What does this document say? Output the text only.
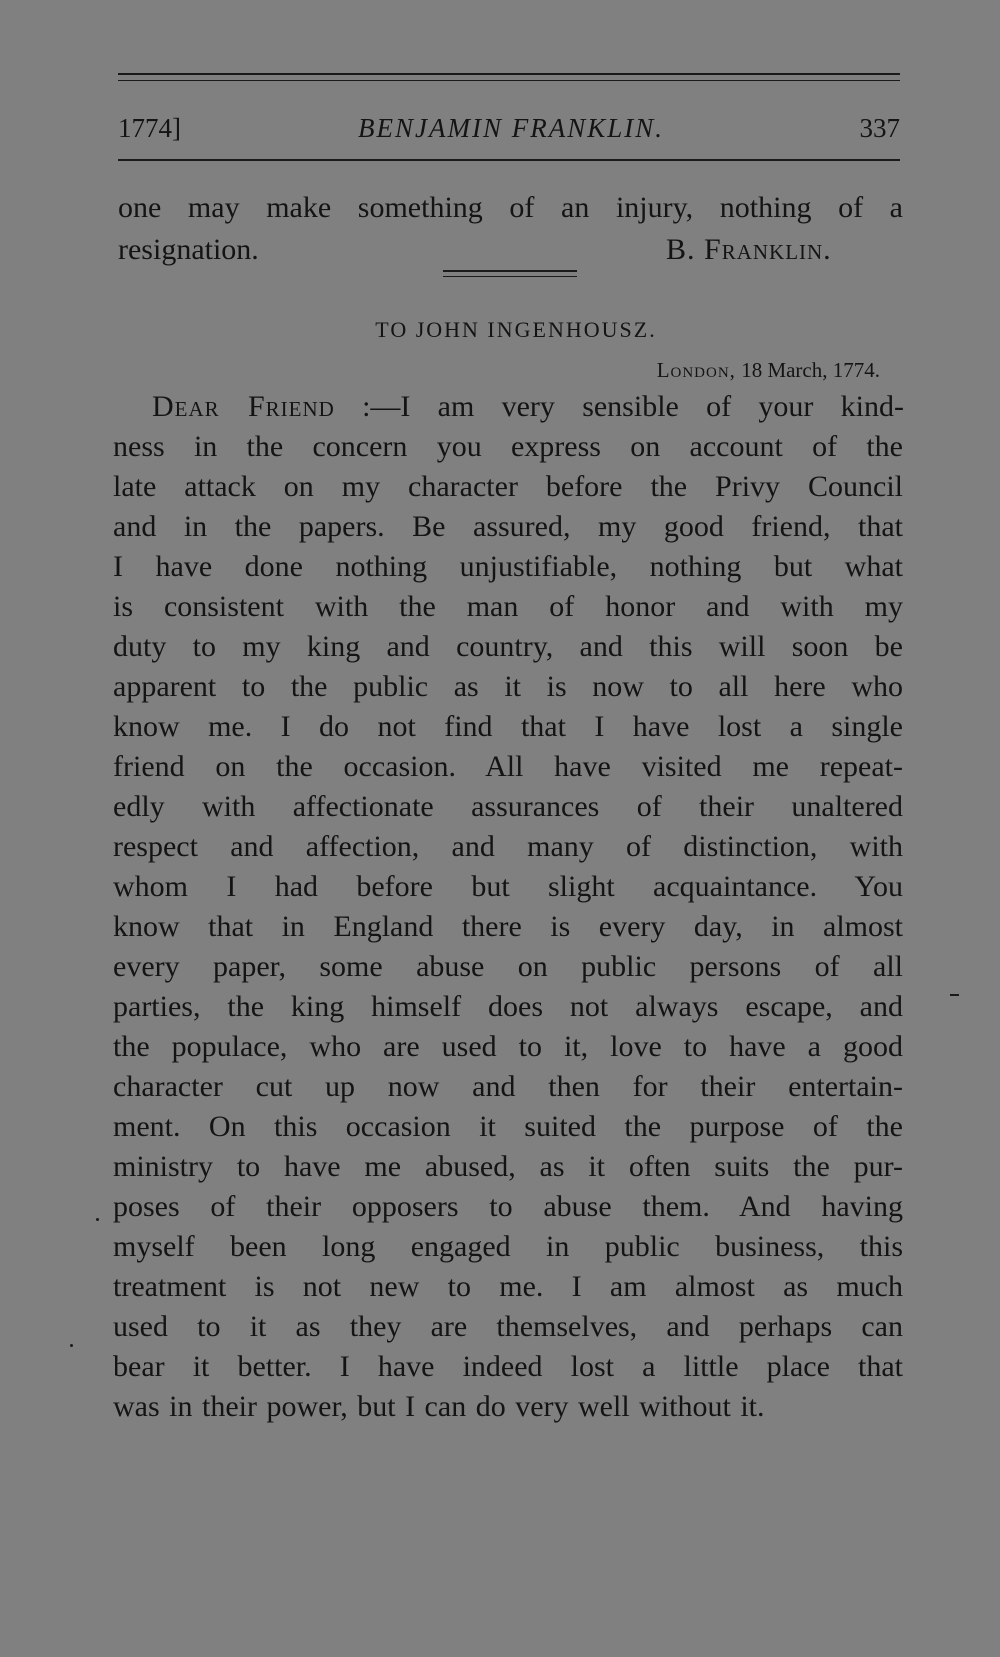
1774]	BENJAMIN FRANKLIN.	337
one may make something of an injury, nothing of a
resignation.	B. Franklin.
TO JOHN INGENHOUSZ.
London, 18 March, 1774.
Dear Friend :—I am very sensible of your kind-
ness in the concern you express on account of the
late attack on my character before the Privy Council
and in the papers. Be assured, my good friend, that
I have done nothing unjustifiable, nothing but what
is consistent with the man of honor and with my
duty to my king and country, and this will soon be
apparent to the public as it is now to all here who
know me. I do not find that I have lost a single
friend on the occasion. All have visited me repeat-
edly with affectionate assurances of their unaltered
respect and affection, and many of distinction, with
whom I had before but slight acquaintance. You
know that in England there is every day, in almost
every paper, some abuse on public persons of all
parties, the king himself does not always escape, and
the populace, who are used to it, love to have a good
character cut up now and then for their entertain-
ment. On this occasion it suited the purpose of the
ministry to have me abused, as it often suits the pur-
poses of their opposers to abuse them. And having
myself been long engaged in public business, this
treatment is not new to me. I am almost as much
used to it as they are themselves, and perhaps can
bear it better. I have indeed lost a little place that
was in their power, but I can do very well without it.
